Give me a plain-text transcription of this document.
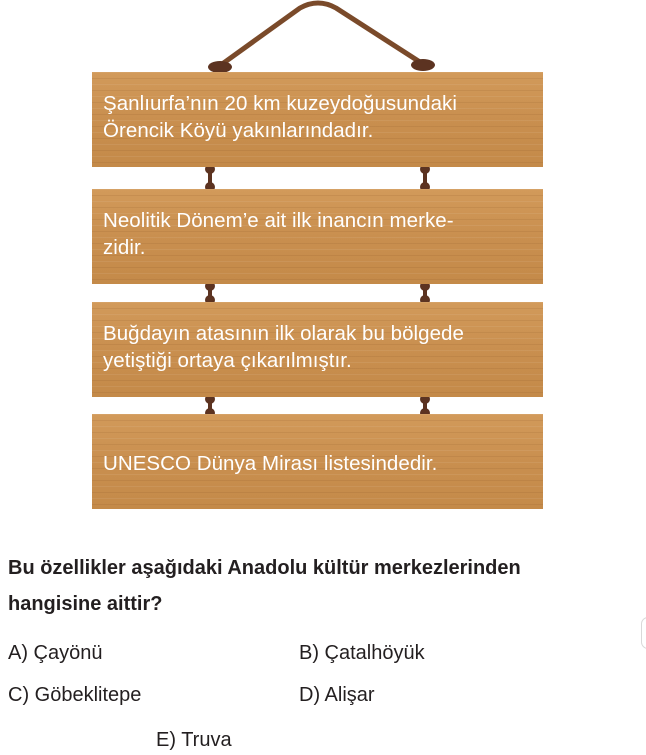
Şanlıurfa’nın 20 km kuzeydoğusundaki
Örencik Köyü yakınlarındadır.

Neolitik Dönem’e ait ilk inancın merke-
zidir.

Buğdayın atasının ilk olarak bu bölgede
yetiştiği ortaya çıkarılmıştır.

UNESCO Dünya Mirası listesindedir.

Bu özellikler aşağıdaki Anadolu kültür merkezlerinden
hangisine aittir?

A) Çayönü	B) Çatalhöyük
C) Göbeklitepe	D) Alişar
E) Truva
